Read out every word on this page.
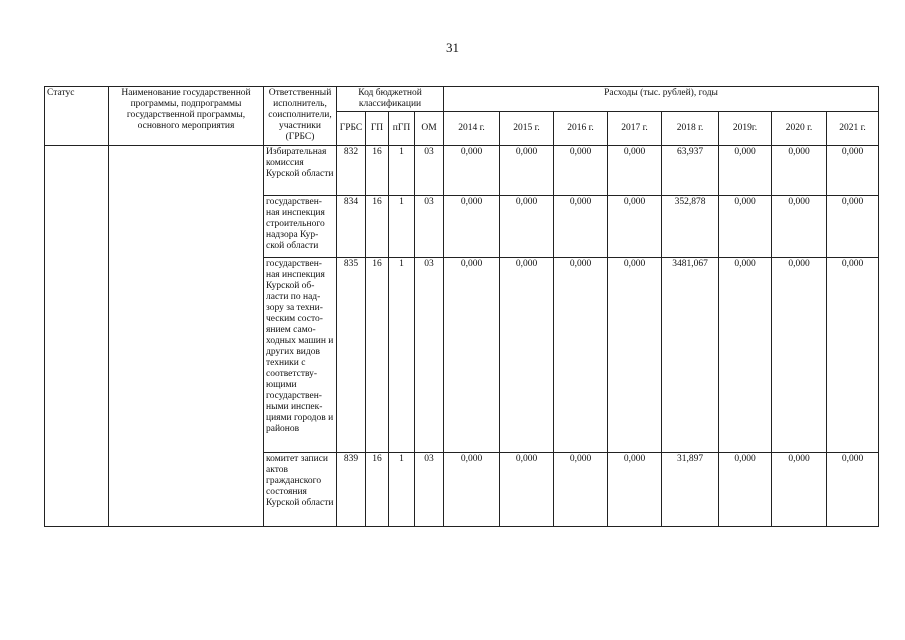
31
Статус	Наименование государственной программы, подпрограммы государственной программы, основного мероприятия	Ответственный исполнитель, соисполнители, участники (ГРБС)	Код бюджетной классификации				Расходы (тыс. рублей), годы							
			ГРБС	ГП	пГП	ОМ	2014 г.	2015 г.	2016 г.	2017 г.	2018 г.	2019г.	2020 г.	2021 г.
		Избирательная комиссия Курской области	832	16	1	03	0,000	0,000	0,000	0,000	63,937	0,000	0,000	0,000
		государствен-ная инспекция строительного надзора Кур-ской области	834	16	1	03	0,000	0,000	0,000	0,000	352,878	0,000	0,000	0,000
		государствен-ная инспекция Курской об-ласти по над-зору за техни-ческим состо-янием само-ходных машин и других видов техники с соответству-ющими государствен-ными инспек-циями городов и районов	835	16	1	03	0,000	0,000	0,000	0,000	3481,067	0,000	0,000	0,000
		комитет записи актов гражданского состояния Курской области	839	16	1	03	0,000	0,000	0,000	0,000	31,897	0,000	0,000	0,000
